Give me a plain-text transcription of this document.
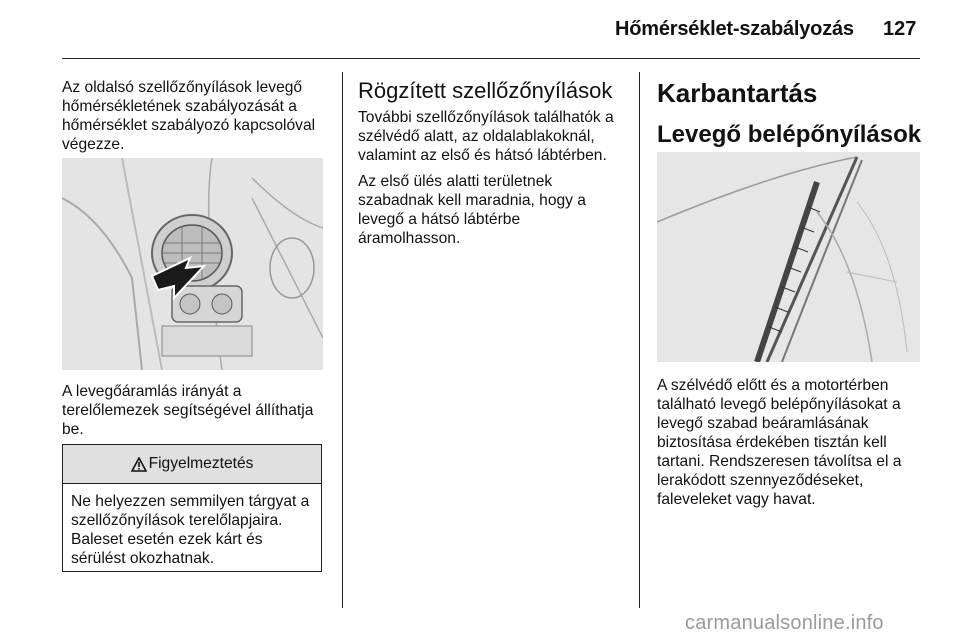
Hőmérséklet-szabályozás 127

Az oldalsó szellőzőnyílások levegő hőmérsékletének szabályozását a hőmérséklet szabályozó kapcsolóval végezze.

A levegőáramlás irányát a terelőlemezek segítségével állíthatja be.

Figyelmeztetés

Ne helyezzen semmilyen tárgyat a szellőzőnyílások terelőlapjaira. Baleset esetén ezek kárt és sérülést okozhatnak.

Rögzített szellőzőnyílások

További szellőzőnyílások találhatók a szélvédő alatt, az oldalablakoknál, valamint az első és hátsó lábtérben.

Az első ülés alatti területnek szabadnak kell maradnia, hogy a levegő a hátsó lábtérbe áramolhasson.

Karbantartás
Levegő belépőnyílások

A szélvédő előtt és a motortérben található levegő belépőnyílásokat a levegő szabad beáramlásának biztosítása érdekében tisztán kell tartani. Rendszeresen távolítsa el a lerakódott szennyeződéseket, faleveleket vagy havat.

carmanualsonline.info
